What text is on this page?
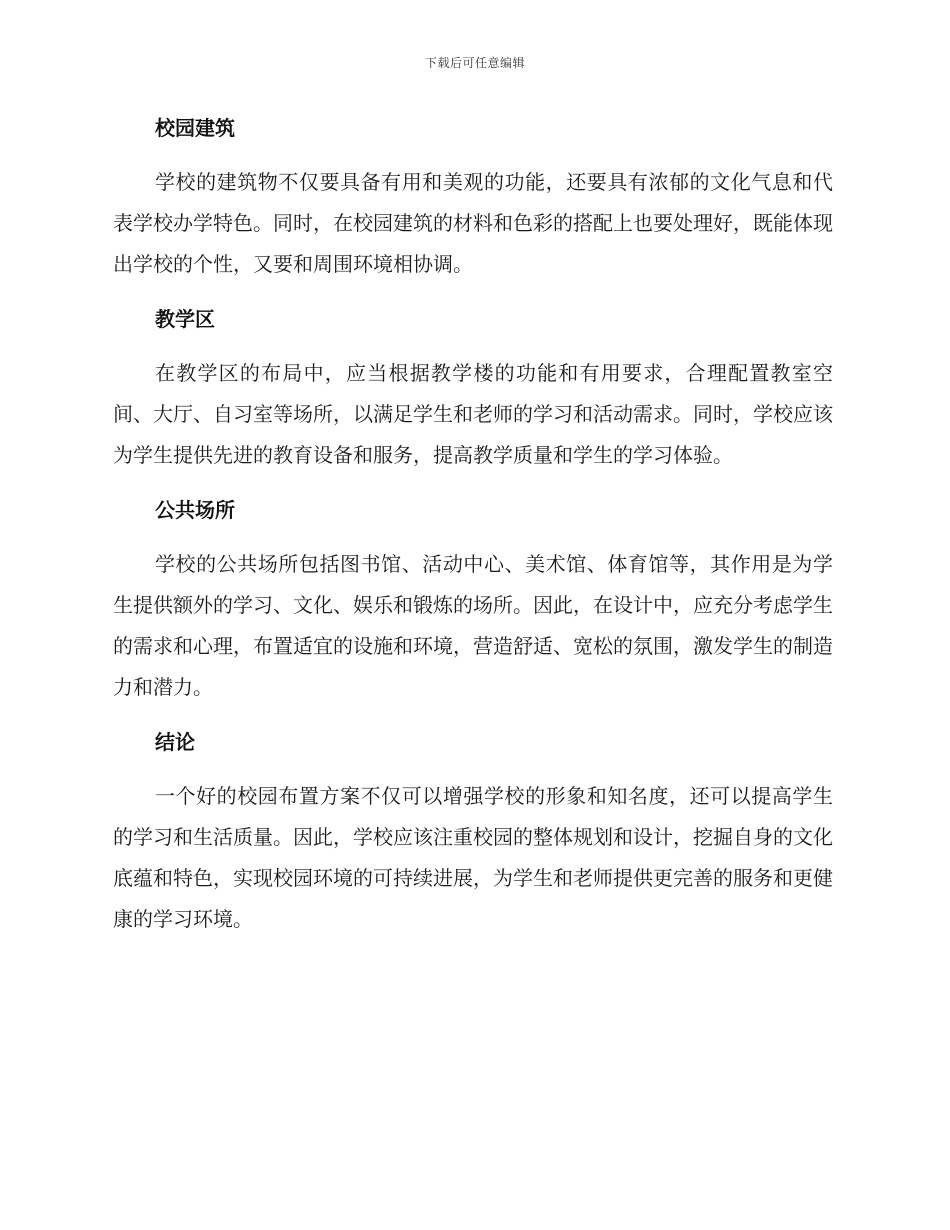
下载后可任意编辑
校园建筑

学校的建筑物不仅要具备有用和美观的功能，还要具有浓郁的文化气息和代表学校办学特色。同时，在校园建筑的材料和色彩的搭配上也要处理好，既能体现出学校的个性，又要和周围环境相协调。

教学区

在教学区的布局中，应当根据教学楼的功能和有用要求，合理配置教室空间、大厅、自习室等场所，以满足学生和老师的学习和活动需求。同时，学校应该为学生提供先进的教育设备和服务，提高教学质量和学生的学习体验。

公共场所

学校的公共场所包括图书馆、活动中心、美术馆、体育馆等，其作用是为学生提供额外的学习、文化、娱乐和锻炼的场所。因此，在设计中，应充分考虑学生的需求和心理，布置适宜的设施和环境，营造舒适、宽松的氛围，激发学生的制造力和潜力。

结论

一个好的校园布置方案不仅可以增强学校的形象和知名度，还可以提高学生的学习和生活质量。因此，学校应该注重校园的整体规划和设计，挖掘自身的文化底蕴和特色，实现校园环境的可持续进展，为学生和老师提供更完善的服务和更健康的学习环境。
